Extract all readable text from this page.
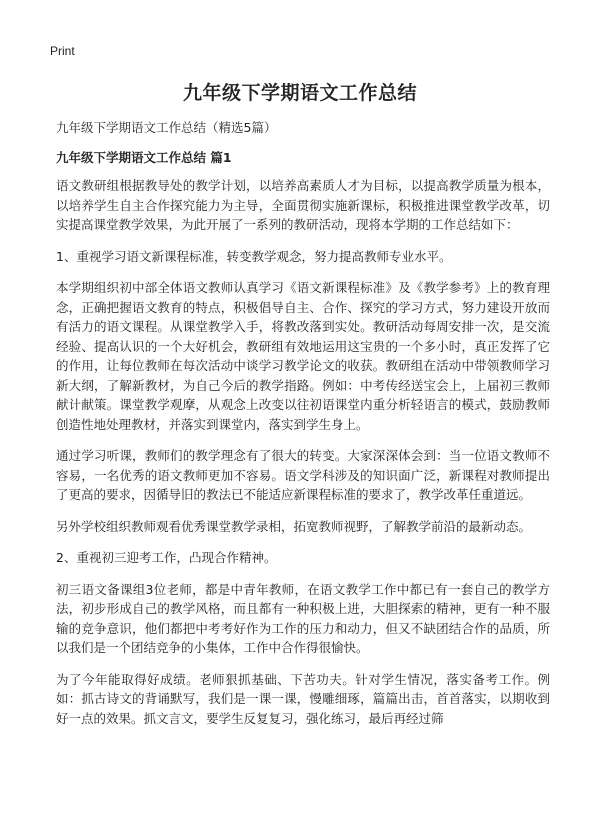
Print
九年级下学期语文工作总结

九年级下学期语文工作总结（精选5篇）

九年级下学期语文工作总结 篇1

语文教研组根据教导处的教学计划，以培养高素质人才为目标，以提高教学质量为根本，以培养学生自主合作探究能力为主导，全面贯彻实施新课标，积极推进课堂教学改革，切实提高课堂教学效果，为此开展了一系列的教研活动，现将本学期的工作总结如下：

1、重视学习语文新课程标准，转变教学观念，努力提高教师专业水平。

本学期组织初中部全体语文教师认真学习《语文新课程标准》及《教学参考》上的教育理念，正确把握语文教育的特点，积极倡导自主、合作、探究的学习方式，努力建设开放而有活力的语文课程。从课堂教学入手，将教改落到实处。教研活动每周安排一次，是交流经验、提高认识的一个大好机会，教研组有效地运用这宝贵的一个多小时，真正发挥了它的作用，让每位教师在每次活动中谈学习教学论文的收获。教研组在活动中带领教师学习新大纲，了解新教材，为自己今后的教学指路。例如：中考传经送宝会上，上届初三教师献计献策。课堂教学观摩，从观念上改变以往初语课堂内重分析轻语言的模式，鼓励教师创造性地处理教材，并落实到课堂内，落实到学生身上。

通过学习听课，教师们的教学理念有了很大的转变。大家深深体会到：当一位语文教师不容易，一名优秀的语文教师更加不容易。语文学科涉及的知识面广泛，新课程对教师提出了更高的要求，因循导旧的教法已不能适应新课程标准的要求了，教学改革任重道远。

另外学校组织教师观看优秀课堂教学录相，拓宽教师视野，了解教学前沿的最新动态。

2、重视初三迎考工作，凸现合作精神。

初三语文备课组3位老师，都是中青年教师，在语文教学工作中都已有一套自己的教学方法，初步形成自己的教学风格，而且都有一种积极上进，大胆探索的精神，更有一种不服输的竞争意识，他们都把中考考好作为工作的压力和动力，但又不缺团结合作的品质，所以我们是一个团结竞争的小集体，工作中合作得很愉快。

为了今年能取得好成绩。老师狠抓基础、下苦功夫。针对学生情况，落实备考工作。例如：抓古诗文的背诵默写，我们是一课一课，慢雕细琢，篇篇出击，首首落实，以期收到好一点的效果。抓文言文，要学生反复复习，强化练习，最后再经过筛
